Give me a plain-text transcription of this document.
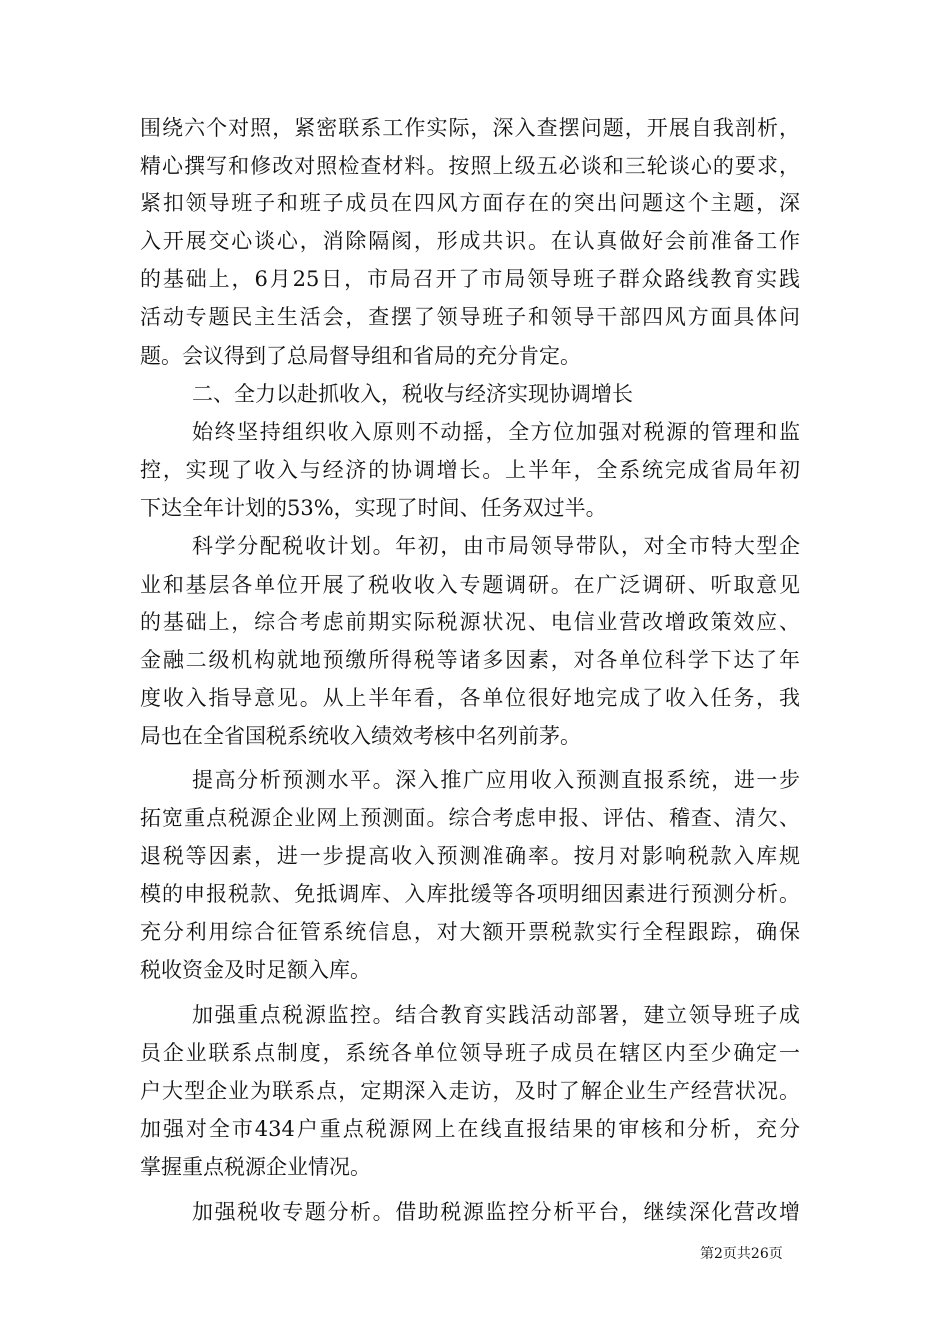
围绕六个对照，紧密联系工作实际，深入查摆问题，开展自我剖析，
精心撰写和修改对照检查材料。按照上级五必谈和三轮谈心的要求，
紧扣领导班子和班子成员在四风方面存在的突出问题这个主题，深
入开展交心谈心，消除隔阂，形成共识。在认真做好会前准备工作
的基础上，6月25日，市局召开了市局领导班子群众路线教育实践
活动专题民主生活会，查摆了领导班子和领导干部四风方面具体问
题。会议得到了总局督导组和省局的充分肯定。
二、全力以赴抓收入，税收与经济实现协调增长
始终坚持组织收入原则不动摇，全方位加强对税源的管理和监
控，实现了收入与经济的协调增长。上半年，全系统完成省局年初
下达全年计划的53%，实现了时间、任务双过半。
科学分配税收计划。年初，由市局领导带队，对全市特大型企
业和基层各单位开展了税收收入专题调研。在广泛调研、听取意见
的基础上，综合考虑前期实际税源状况、电信业营改增政策效应、
金融二级机构就地预缴所得税等诸多因素，对各单位科学下达了年
度收入指导意见。从上半年看，各单位很好地完成了收入任务，我
局也在全省国税系统收入绩效考核中名列前茅。
提高分析预测水平。深入推广应用收入预测直报系统，进一步
拓宽重点税源企业网上预测面。综合考虑申报、评估、稽查、清欠、
退税等因素，进一步提高收入预测准确率。按月对影响税款入库规
模的申报税款、免抵调库、入库批缓等各项明细因素进行预测分析。
充分利用综合征管系统信息，对大额开票税款实行全程跟踪，确保
税收资金及时足额入库。
加强重点税源监控。结合教育实践活动部署，建立领导班子成
员企业联系点制度，系统各单位领导班子成员在辖区内至少确定一
户大型企业为联系点，定期深入走访，及时了解企业生产经营状况。
加强对全市434户重点税源网上在线直报结果的审核和分析，充分
掌握重点税源企业情况。
加强税收专题分析。借助税源监控分析平台，继续深化营改增
第2页共26页
